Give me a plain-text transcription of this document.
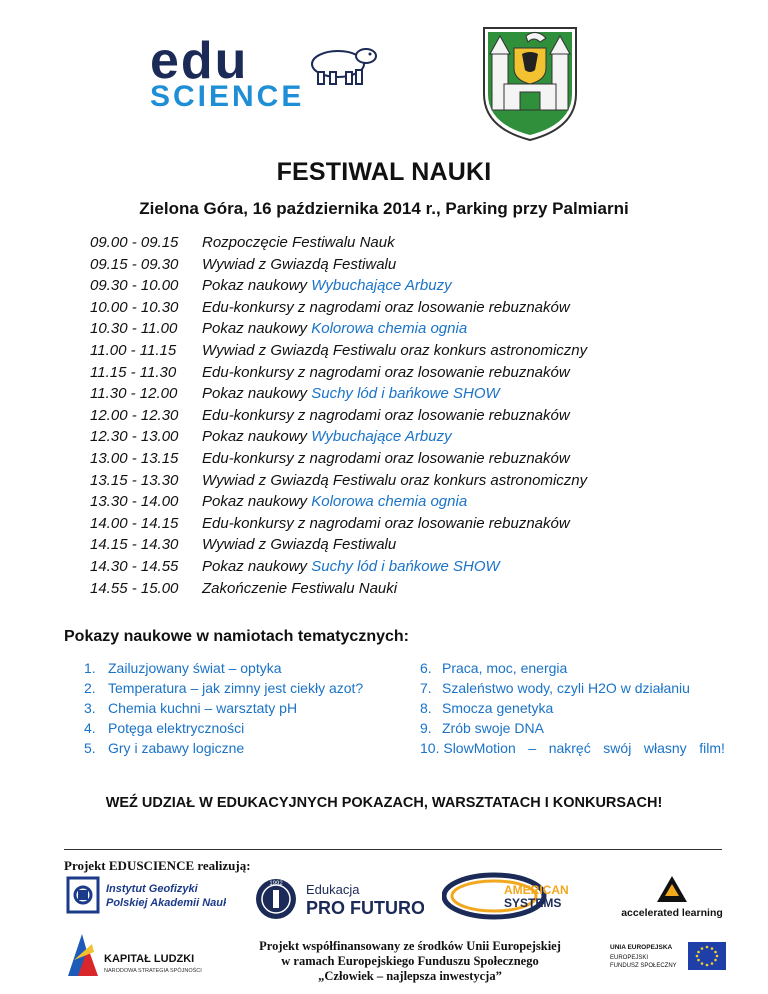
edu
SCIENCE
FESTIWAL NAUKI
Zielona Góra, 16 października 2014 r., Parking przy Palmiarni
09.00 - 09.15 Rozpoczęcie Festiwalu Nauk
09.15 - 09.30 Wywiad z Gwiazdą Festiwalu
09.30 - 10.00 Pokaz naukowy Wybuchające Arbuzy
10.00 - 10.30 Edu-konkursy z nagrodami oraz losowanie rebuznaków
10.30 - 11.00 Pokaz naukowy Kolorowa chemia ognia
11.00 - 11.15 Wywiad z Gwiazdą Festiwalu oraz konkurs astronomiczny
11.15 - 11.30 Edu-konkursy z nagrodami oraz losowanie rebuznaków
11.30 - 12.00 Pokaz naukowy Suchy lód i bańkowe SHOW
12.00 - 12.30 Edu-konkursy z nagrodami oraz losowanie rebuznaków
12.30 - 13.00 Pokaz naukowy Wybuchające Arbuzy
13.00 - 13.15 Edu-konkursy z nagrodami oraz losowanie rebuznaków
13.15 - 13.30 Wywiad z Gwiazdą Festiwalu oraz konkurs astronomiczny
13.30 - 14.00 Pokaz naukowy Kolorowa chemia ognia
14.00 - 14.15 Edu-konkursy z nagrodami oraz losowanie rebuznaków
14.15 - 14.30 Wywiad z Gwiazdą Festiwalu
14.30 - 14.55 Pokaz naukowy Suchy lód i bańkowe SHOW
14.55 - 15.00 Zakończenie Festiwalu Nauki
Pokazy naukowe w namiotach tematycznych:
1. Zailuzjowany świat – optyka
2. Temperatura – jak zimny jest ciekły azot?
3. Chemia kuchni – warsztaty pH
4. Potęga elektryczności
5. Gry i zabawy logiczne
6. Praca, moc, energia
7. Szaleństwo wody, czyli H2O w działaniu
8. Smocza genetyka
9. Zrób swoje DNA
10. SlowMotion – nakręć swój własny film!
WEŹ UDZIAŁ W EDUKACYJNYCH POKAZACH, WARSZTATACH I KONKURSACH!
Projekt EDUSCIENCE realizują:
Instytut Geofizyki
Polskiej Akademii Nauk
1992 Edukacja
PRO FUTURO
AMERICAN
SYSTEMS
accelerated learning
KAPITAŁ LUDZKI
NARODOWA STRATEGIA SPÓJNOŚCI
Projekt współfinansowany ze środków Unii Europejskiej
w ramach Europejskiego Funduszu Społecznego
„Człowiek – najlepsza inwestycja”
UNIA EUROPEJSKA
EUROPEJSKI
FUNDUSZ SPOŁECZNY
